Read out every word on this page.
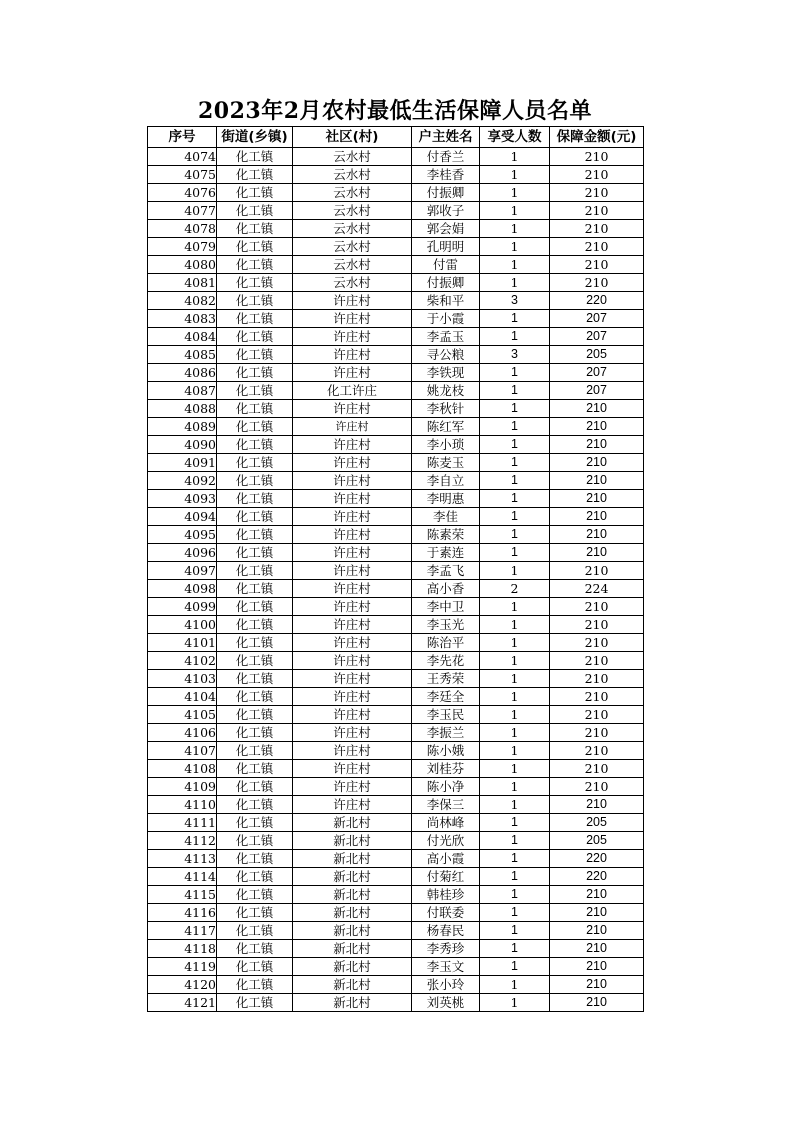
2023年2月农村最低生活保障人员名单
序号	街道(乡镇)	社区(村)	户主姓名	享受人数	保障金额(元)
4074	化工镇	云水村	付香兰	1	210
4075	化工镇	云水村	李桂香	1	210
4076	化工镇	云水村	付振卿	1	210
4077	化工镇	云水村	郭收子	1	210
4078	化工镇	云水村	郭会娟	1	210
4079	化工镇	云水村	孔明明	1	210
4080	化工镇	云水村	付雷	1	210
4081	化工镇	云水村	付振卿	1	210
4082	化工镇	许庄村	柴和平	3	220
4083	化工镇	许庄村	于小霞	1	207
4084	化工镇	许庄村	李孟玉	1	207
4085	化工镇	许庄村	寻公粮	3	205
4086	化工镇	许庄村	李铁现	1	207
4087	化工镇	化工许庄	姚龙枝	1	207
4088	化工镇	许庄村	李秋针	1	210
4089	化工镇	许庄村	陈红军	1	210
4090	化工镇	许庄村	李小琐	1	210
4091	化工镇	许庄村	陈麦玉	1	210
4092	化工镇	许庄村	李自立	1	210
4093	化工镇	许庄村	李明惠	1	210
4094	化工镇	许庄村	李佳	1	210
4095	化工镇	许庄村	陈素荣	1	210
4096	化工镇	许庄村	于素连	1	210
4097	化工镇	许庄村	李孟飞	1	210
4098	化工镇	许庄村	高小香	2	224
4099	化工镇	许庄村	李中卫	1	210
4100	化工镇	许庄村	李玉光	1	210
4101	化工镇	许庄村	陈治平	1	210
4102	化工镇	许庄村	李先花	1	210
4103	化工镇	许庄村	王秀荣	1	210
4104	化工镇	许庄村	李廷全	1	210
4105	化工镇	许庄村	李玉民	1	210
4106	化工镇	许庄村	李振兰	1	210
4107	化工镇	许庄村	陈小娥	1	210
4108	化工镇	许庄村	刘桂芬	1	210
4109	化工镇	许庄村	陈小净	1	210
4110	化工镇	许庄村	李保三	1	210
4111	化工镇	新北村	尚林峰	1	205
4112	化工镇	新北村	付光欣	1	205
4113	化工镇	新北村	高小霞	1	220
4114	化工镇	新北村	付菊红	1	220
4115	化工镇	新北村	韩桂珍	1	210
4116	化工镇	新北村	付联委	1	210
4117	化工镇	新北村	杨春民	1	210
4118	化工镇	新北村	李秀珍	1	210
4119	化工镇	新北村	李玉文	1	210
4120	化工镇	新北村	张小玲	1	210
4121	化工镇	新北村	刘英桃	1	210
